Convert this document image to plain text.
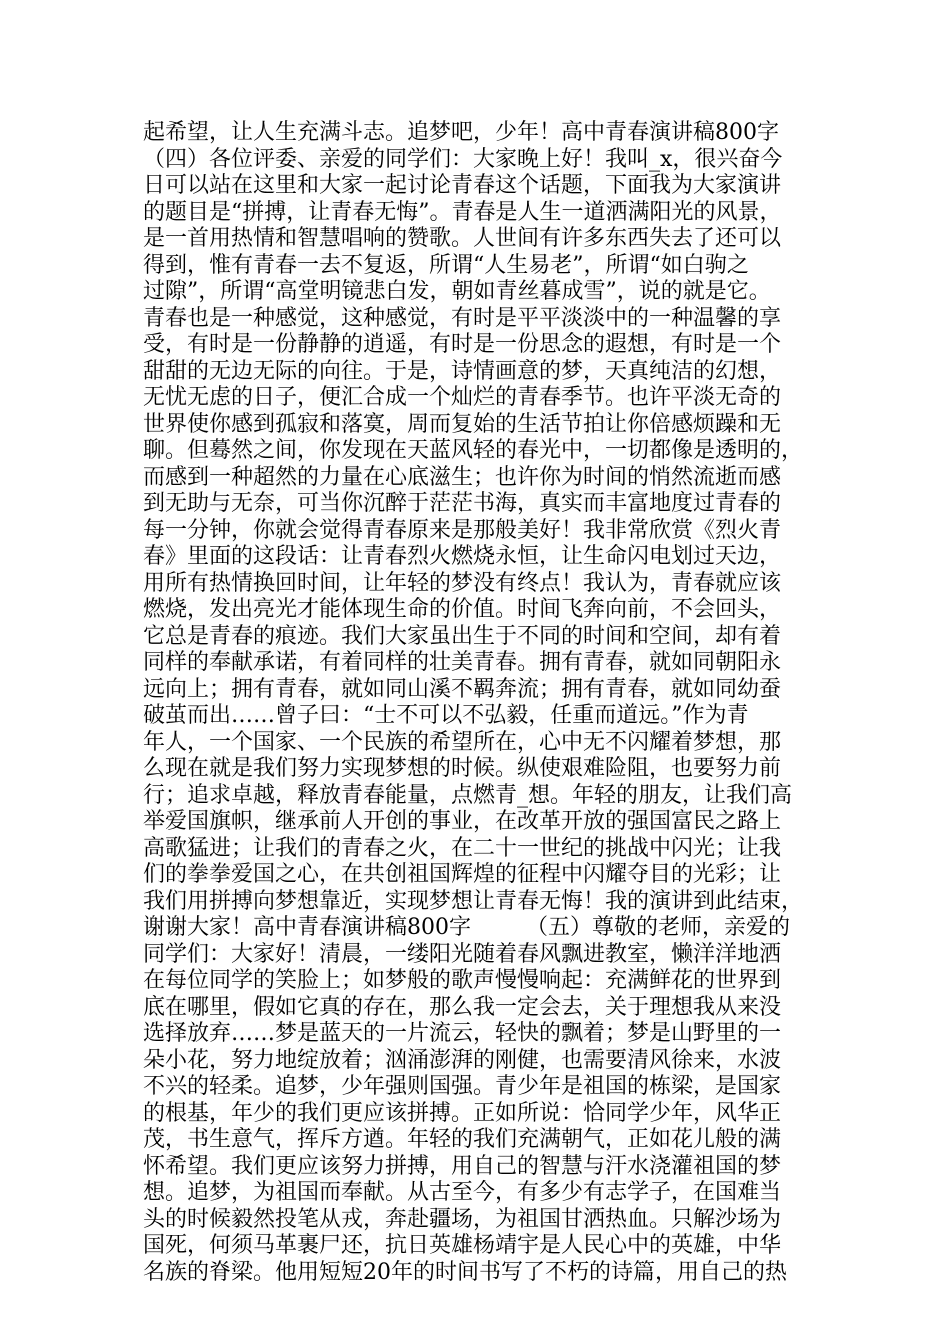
起希望，让人生充满斗志。追梦吧，少年！高中青春演讲稿800字
（四）各位评委、亲爱的同学们：大家晚上好！我叫_x，很兴奋今
日可以站在这里和大家一起讨论青春这个话题，下面我为大家演讲
的题目是“拼搏，让青春无悔”。青春是人生一道洒满阳光的风景，
是一首用热情和智慧唱响的赞歌。人世间有许多东西失去了还可以
得到，惟有青春一去不复返，所谓“人生易老”，所谓“如白驹之
过隙”，所谓“高堂明镜悲白发，朝如青丝暮成雪”，说的就是它。
青春也是一种感觉，这种感觉，有时是平平淡淡中的一种温馨的享
受，有时是一份静静的逍遥，有时是一份思念的遐想，有时是一个
甜甜的无边无际的向往。于是，诗情画意的梦，天真纯洁的幻想，
无忧无虑的日子，便汇合成一个灿烂的青春季节。也许平淡无奇的
世界使你感到孤寂和落寞，周而复始的生活节拍让你倍感烦躁和无
聊。但蓦然之间，你发现在天蓝风轻的春光中，一切都像是透明的，
而感到一种超然的力量在心底滋生；也许你为时间的悄然流逝而感
到无助与无奈，可当你沉醉于茫茫书海，真实而丰富地度过青春的
每一分钟，你就会觉得青春原来是那般美好！我非常欣赏《烈火青
春》里面的这段话：让青春烈火燃烧永恒，让生命闪电划过天边，
用所有热情换回时间，让年轻的梦没有终点！我认为，青春就应该
燃烧，发出亮光才能体现生命的价值。时间飞奔向前，不会回头，
它总是青春的痕迹。我们大家虽出生于不同的时间和空间，却有着
同样的奉献承诺，有着同样的壮美青春。拥有青春，就如同朝阳永
远向上；拥有青春，就如同山溪不羁奔流；拥有青春，就如同幼蚕
破茧而出……曾子曰：“士不可以不弘毅，任重而道远。”作为青
年人，一个国家、一个民族的希望所在，心中无不闪耀着梦想，那
么现在就是我们努力实现梦想的时候。纵使艰难险阻，也要努力前
行；追求卓越，释放青春能量，点燃青_想。年轻的朋友，让我们高
举爱国旗帜，继承前人开创的事业，在改革开放的强国富民之路上
高歌猛进；让我们的青春之火，在二十一世纪的挑战中闪光；让我
们的拳拳爱国之心，在共创祖国辉煌的征程中闪耀夺目的光彩；让
我们用拼搏向梦想靠近，实现梦想让青春无悔！我的演讲到此结束，
谢谢大家！高中青春演讲稿800字　　　（五）尊敬的老师，亲爱的
同学们：大家好！清晨，一缕阳光随着春风飘进教室，懒洋洋地洒
在每位同学的笑脸上；如梦般的歌声慢慢响起：充满鲜花的世界到
底在哪里，假如它真的存在，那么我一定会去，关于理想我从来没
选择放弃……梦是蓝天的一片流云，轻快的飘着；梦是山野里的一
朵小花，努力地绽放着；汹涌澎湃的刚健，也需要清风徐来，水波
不兴的轻柔。追梦，少年强则国强。青少年是祖国的栋梁，是国家
的根基，年少的我们更应该拼搏。正如所说：恰同学少年，风华正
茂，书生意气，挥斥方遒。年轻的我们充满朝气，正如花儿般的满
怀希望。我们更应该努力拼搏，用自己的智慧与汗水浇灌祖国的梦
想。追梦，为祖国而奉献。从古至今，有多少有志学子，在国难当
头的时候毅然投笔从戎，奔赴疆场，为祖国甘洒热血。只解沙场为
国死，何须马革裹尸还，抗日英雄杨靖宇是人民心中的英雄，中华
名族的脊梁。他用短短20年的时间书写了不朽的诗篇，用自己的热
